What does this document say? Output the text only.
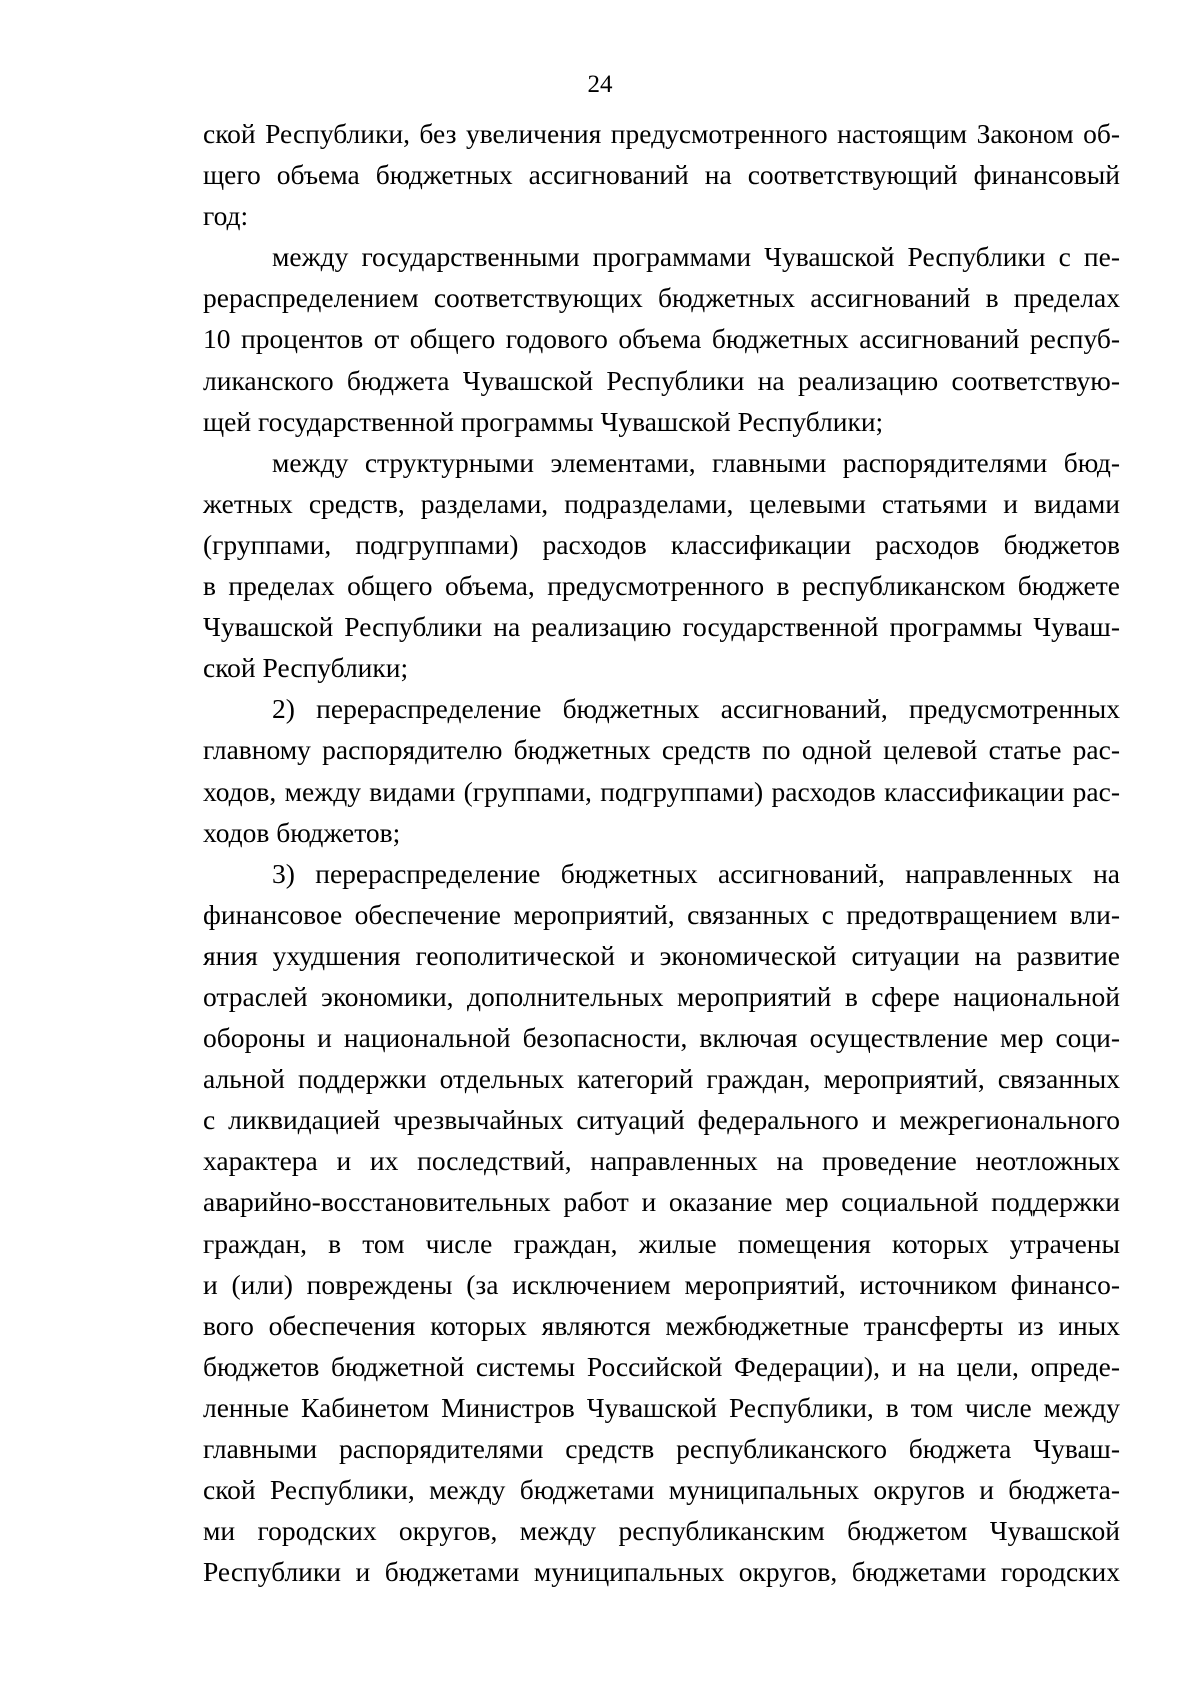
24
ской Республики, без увеличения предусмотренного настоящим Законом об-
щего объема бюджетных ассигнований на соответствующий финансовый
год:
между государственными программами Чувашской Республики с пе-
рераспределением соответствующих бюджетных ассигнований в пределах
10 процентов от общего годового объема бюджетных ассигнований респуб-
ликанского бюджета Чувашской Республики на реализацию соответствую-
щей государственной программы Чувашской Республики;
между структурными элементами, главными распорядителями бюд-
жетных средств, разделами, подразделами, целевыми статьями и видами
(группами, подгруппами) расходов классификации расходов бюджетов
в пределах общего объема, предусмотренного в республиканском бюджете
Чувашской Республики на реализацию государственной программы Чуваш-
ской Республики;
2) перераспределение бюджетных ассигнований, предусмотренных
главному распорядителю бюджетных средств по одной целевой статье рас-
ходов, между видами (группами, подгруппами) расходов классификации рас-
ходов бюджетов;
3) перераспределение бюджетных ассигнований, направленных на
финансовое обеспечение мероприятий, связанных с предотвращением вли-
яния ухудшения геополитической и экономической ситуации на развитие
отраслей экономики, дополнительных мероприятий в сфере национальной
обороны и национальной безопасности, включая осуществление мер соци-
альной поддержки отдельных категорий граждан, мероприятий, связанных
с ликвидацией чрезвычайных ситуаций федерального и межрегионального
характера и их последствий, направленных на проведение неотложных
аварийно-восстановительных работ и оказание мер социальной поддержки
граждан, в том числе граждан, жилые помещения которых утрачены
и (или) повреждены (за исключением мероприятий, источником финансо-
вого обеспечения которых являются межбюджетные трансферты из иных
бюджетов бюджетной системы Российской Федерации), и на цели, опреде-
ленные Кабинетом Министров Чувашской Республики, в том числе между
главными распорядителями средств республиканского бюджета Чуваш-
ской Республики, между бюджетами муниципальных округов и бюджета-
ми городских округов, между республиканским бюджетом Чувашской
Республики и бюджетами муниципальных округов, бюджетами городских
